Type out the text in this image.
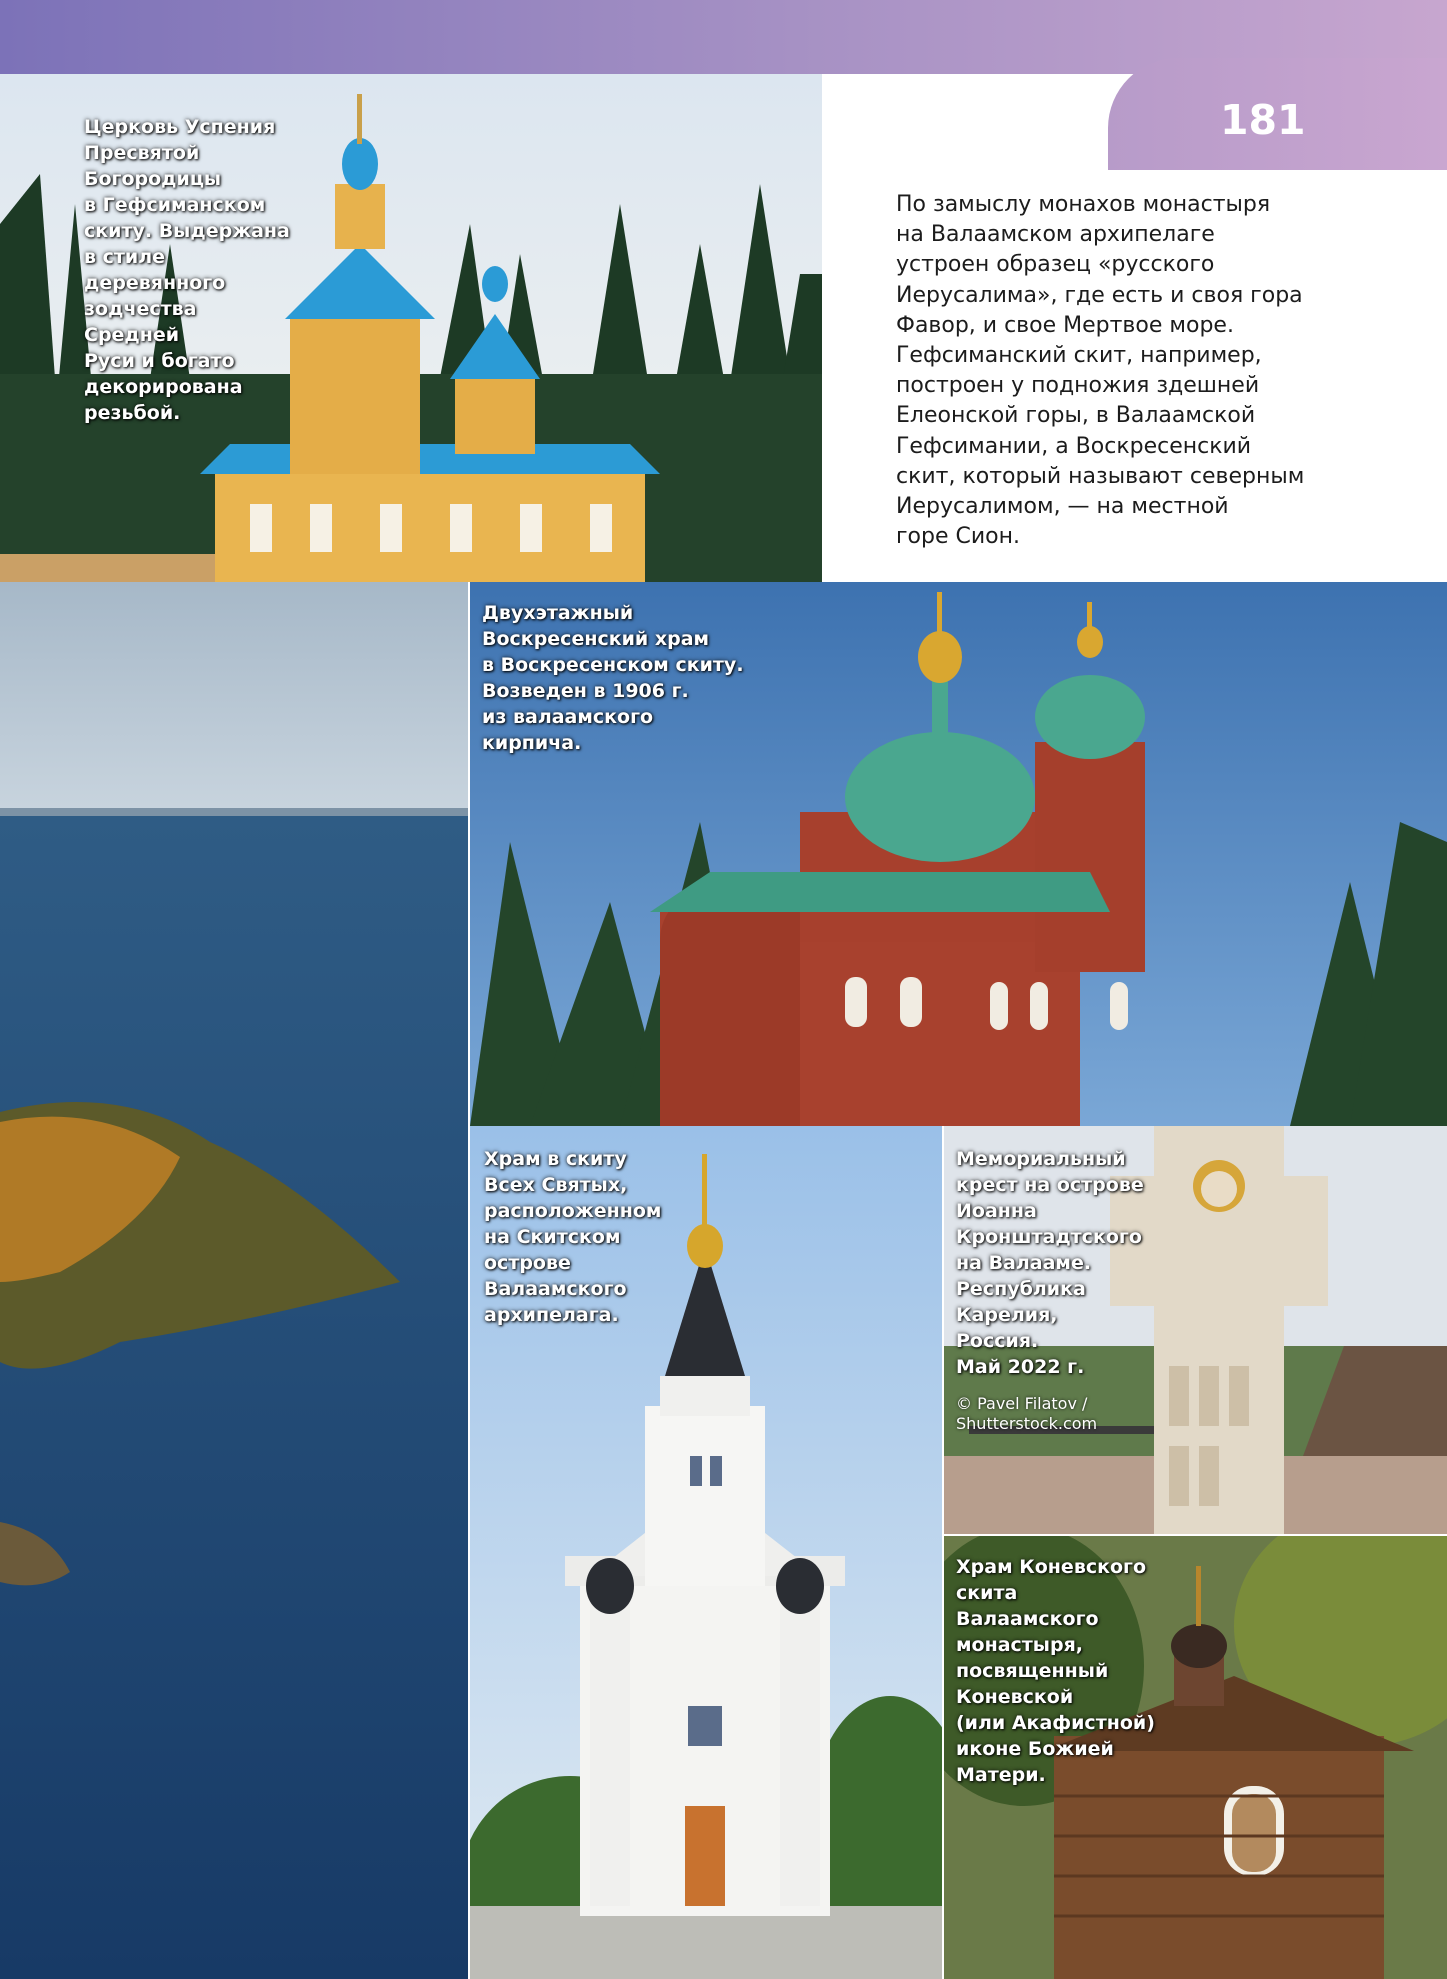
181
Церковь Успения
Пресвятой
Богородицы
в Гефсиманском
скиту. Выдержана
в стиле
деревянного
зодчества
Средней
Руси и богато
декорирована
резьбой.
Двухэтажный
Воскресенский храм
в Воскресенском скиту.
Возведен в 1906 г.
из валаамского
кирпича.
Храм в скиту
Всех Святых,
расположенном
на Скитском
острове
Валаамского
архипелага.
Мемориальный
крест на острове
Иоанна
Кронштадтского
на Валааме.
Республика
Карелия,
Россия.
Май 2022 г.
© Pavel Filatov /
Shutterstock.com
Храм Коневского
скита
Валаамского
монастыря,
посвященный
Коневской
(или Акафистной)
иконе Божией
Матери.
По замыслу монахов монастыря
на Валаамском архипелаге
устроен образец «русского
Иерусалима», где есть и своя гора
Фавор, и свое Мертвое море.
Гефсиманский скит, например,
построен у подножия здешней
Елеонской горы, в Валаамской
Гефсимании, а Воскресенский
скит, который называют северным
Иерусалимом, — на местной
горе Сион.
